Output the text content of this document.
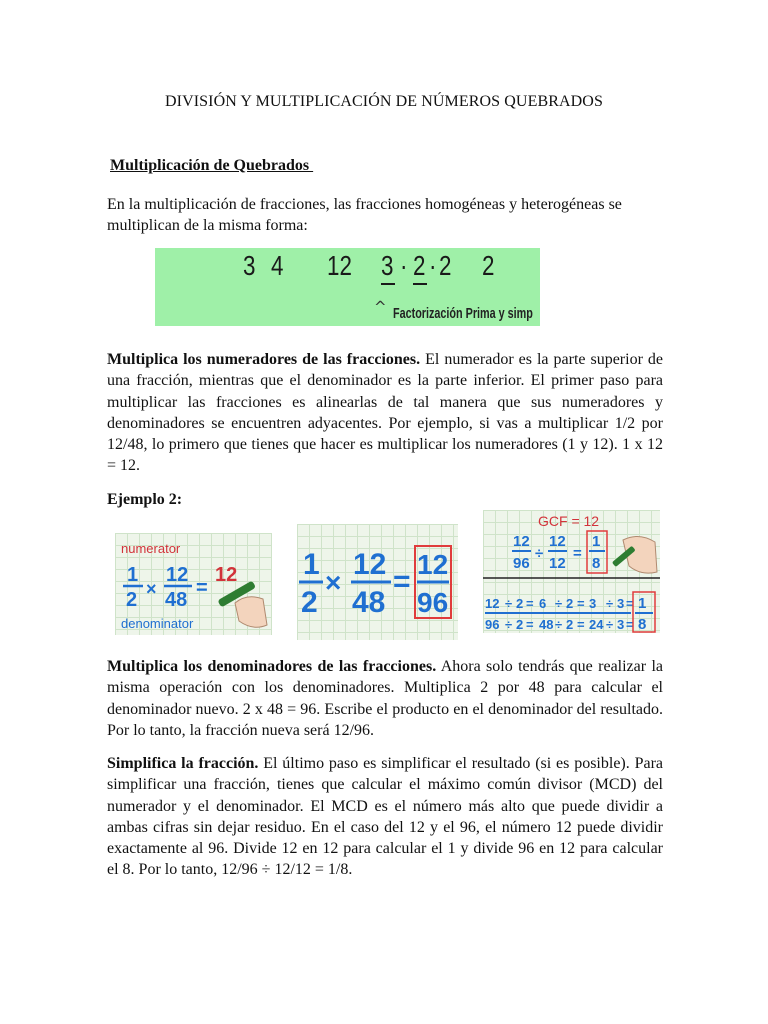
DIVISIÓN Y MULTIPLICACIÓN DE NÚMEROS QUEBRADOS
Multiplicación de Quebrados

En la multiplicación de fracciones, las fracciones homogéneas y heterogéneas se multiplican de la misma forma:

3 4 12 3 · 2 · 2 2
^ Factorización Prima y simp

Multiplica los numeradores de las fracciones. El numerador es la parte superior de una fracción, mientras que el denominador es la parte inferior. El primer paso para multiplicar las fracciones es alinearlas de tal manera que sus numeradores y denominadores se encuentren adyacentes. Por ejemplo, si vas a multiplicar 1/2 por 12/48, lo primero que tienes que hacer es multiplicar los numeradores (1 y 12). 1 x 12 = 12.

Ejemplo 2:

numerator
denominator
1
2 ×
12
48
=
12 1
2
×
12
48
=
12
96
GCF = 12
12
96
÷
12
12
=
1
8
12 ÷ 2 = 6 ÷ 2 = 3 ÷ 3 =
96 ÷ 2 = 48 ÷ 2 = 24 ÷ 3 =
1
8

Multiplica los denominadores de las fracciones. Ahora solo tendrás que realizar la misma operación con los denominadores. Multiplica 2 por 48 para calcular el denominador nuevo. 2 x 48 = 96. Escribe el producto en el denominador del resultado. Por lo tanto, la fracción nueva será 12/96.

Simplifica la fracción. El último paso es simplificar el resultado (si es posible). Para simplificar una fracción, tienes que calcular el máximo común divisor (MCD) del numerador y el denominador. El MCD es el número más alto que puede dividir a ambas cifras sin dejar residuo. En el caso del 12 y el 96, el número 12 puede dividir exactamente al 96. Divide 12 en 12 para calcular el 1 y divide 96 en 12 para calcular el 8. Por lo tanto, 12/96 ÷ 12/12 = 1/8.
